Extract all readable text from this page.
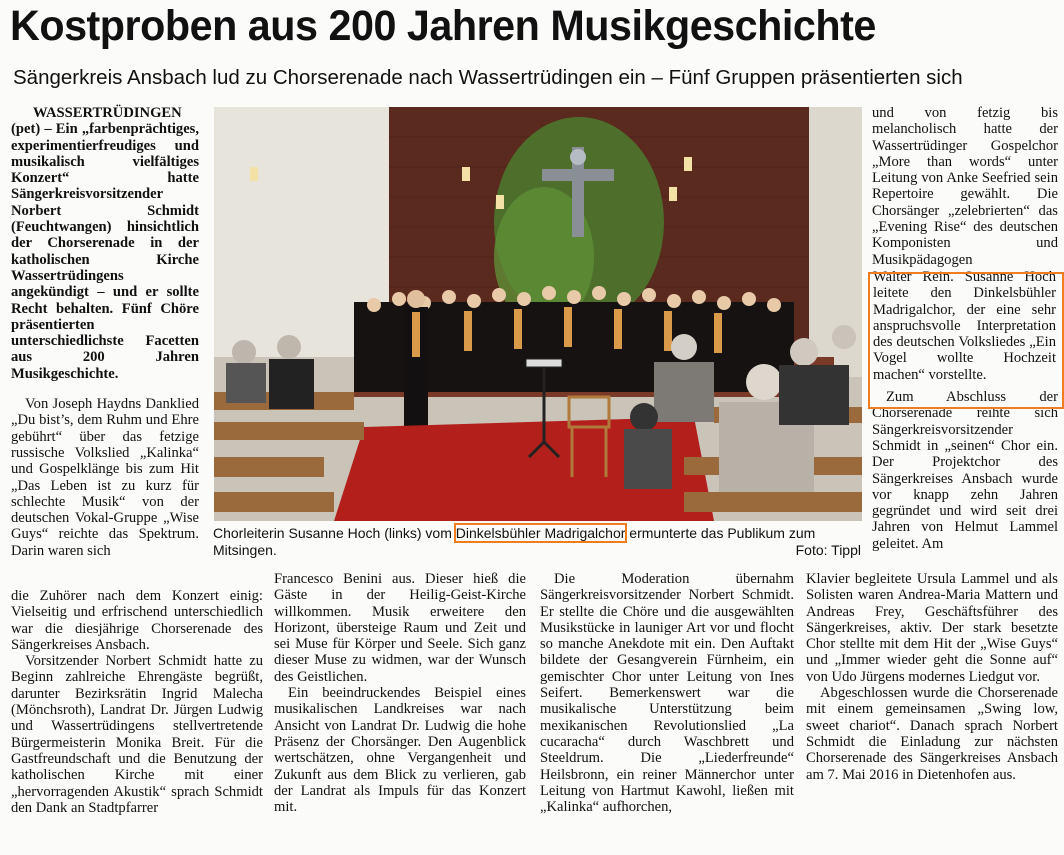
Kostproben aus 200 Jahren Musikgeschichte
Sängerkreis Ansbach lud zu Chorserenade nach Wassertrüdingen ein – Fünf Gruppen präsentierten sich

WASSERTRÜDINGEN
(pet) – Ein „farbenprächtiges, experimentierfreudiges und musikalisch vielfältiges Konzert“ hatte Sängerkreisvorsitzender Norbert Schmidt (Feuchtwangen) hinsichtlich der Chorserenade in der katholischen Kirche Wassertrüdingens angekündigt – und er sollte Recht behalten. Fünf Chöre präsentierten unterschiedlichste Facetten aus 200 Jahren Musikgeschichte.

Von Joseph Haydns Danklied „Du bist’s, dem Ruhm und Ehre gebührt“ über das fetzige russische Volkslied „Kalinka“ und Gospelklänge bis zum Hit „Das Leben ist zu kurz für schlechte Musik“ von der deutschen Vokal-Gruppe „Wise Guys“ reichte das Spektrum. Darin waren sich

Chorleiterin Susanne Hoch (links) vom Dinkelsbühler Madrigalchor ermunterte das Publikum zum Mitsingen.	Foto: Tippl

und von fetzig bis melancholisch hatte der Wassertrüdinger Gospelchor „More than words“ unter Leitung von Anke Seefried sein Repertoire gewählt. Die Chorsänger „zelebrierten“ das „Evening Rise“ des deutschen Komponisten und Musikpädagogen

Walter Rein. Susanne Hoch leitete den Dinkelsbühler Madrigalchor, der eine sehr anspruchsvolle Interpretation des deutschen Volksliedes „Ein Vogel wollte Hochzeit machen“ vorstellte.

Zum Abschluss der Chorserenade reihte sich Sängerkreisvorsitzender Schmidt in „seinen“ Chor ein. Der Projektchor des Sängerkreises Ansbach wurde vor knapp zehn Jahren gegründet und wird seit drei Jahren von Helmut Lammel geleitet. Am

die Zuhörer nach dem Konzert einig: Vielseitig und erfrischend unterschiedlich war die diesjährige Chorserenade des Sängerkreises Ansbach.

Vorsitzender Norbert Schmidt hatte zu Beginn zahlreiche Ehrengäste begrüßt, darunter Bezirksrätin Ingrid Malecha (Mönchsroth), Landrat Dr. Jürgen Ludwig und Wassertrüdingens stellvertretende Bürgermeisterin Monika Breit. Für die Gastfreundschaft und die Benutzung der katholischen Kirche mit einer „hervorragenden Akustik“ sprach Schmidt den Dank an Stadtpfarrer

Francesco Benini aus. Dieser hieß die Gäste in der Heilig-Geist-Kirche willkommen. Musik erweitere den Horizont, übersteige Raum und Zeit und sei Muse für Körper und Seele. Sich ganz dieser Muse zu widmen, war der Wunsch des Geistlichen.

Ein beeindruckendes Beispiel eines musikalischen Landkreises war nach Ansicht von Landrat Dr. Ludwig die hohe Präsenz der Chorsänger. Den Augenblick wertschätzen, ohne Vergangenheit und Zukunft aus dem Blick zu verlieren, gab der Landrat als Impuls für das Konzert mit.

Die Moderation übernahm Sängerkreisvorsitzender Norbert Schmidt. Er stellte die Chöre und die ausgewählten Musikstücke in launiger Art vor und flocht so manche Anekdote mit ein. Den Auftakt bildete der Gesangverein Fürnheim, ein gemischter Chor unter Leitung von Ines Seifert. Bemerkenswert war die musikalische Unterstützung beim mexikanischen Revolutionslied „La cucaracha“ durch Waschbrett und Steeldrum. Die „Liederfreunde“ Heilsbronn, ein reiner Männerchor unter Leitung von Hartmut Kawohl, ließen mit „Kalinka“ aufhorchen,

Klavier begleitete Ursula Lammel und als Solisten waren Andrea-Maria Mattern und Andreas Frey, Geschäftsführer des Sängerkreises, aktiv. Der stark besetzte Chor stellte mit dem Hit der „Wise Guys“ und „Immer wieder geht die Sonne auf“ von Udo Jürgens modernes Liedgut vor.

Abgeschlossen wurde die Chorserenade mit einem gemeinsamen „Swing low, sweet chariot“. Danach sprach Norbert Schmidt die Einladung zur nächsten Chorserenade des Sängerkreises Ansbach am 7. Mai 2016 in Dietenhofen aus.
